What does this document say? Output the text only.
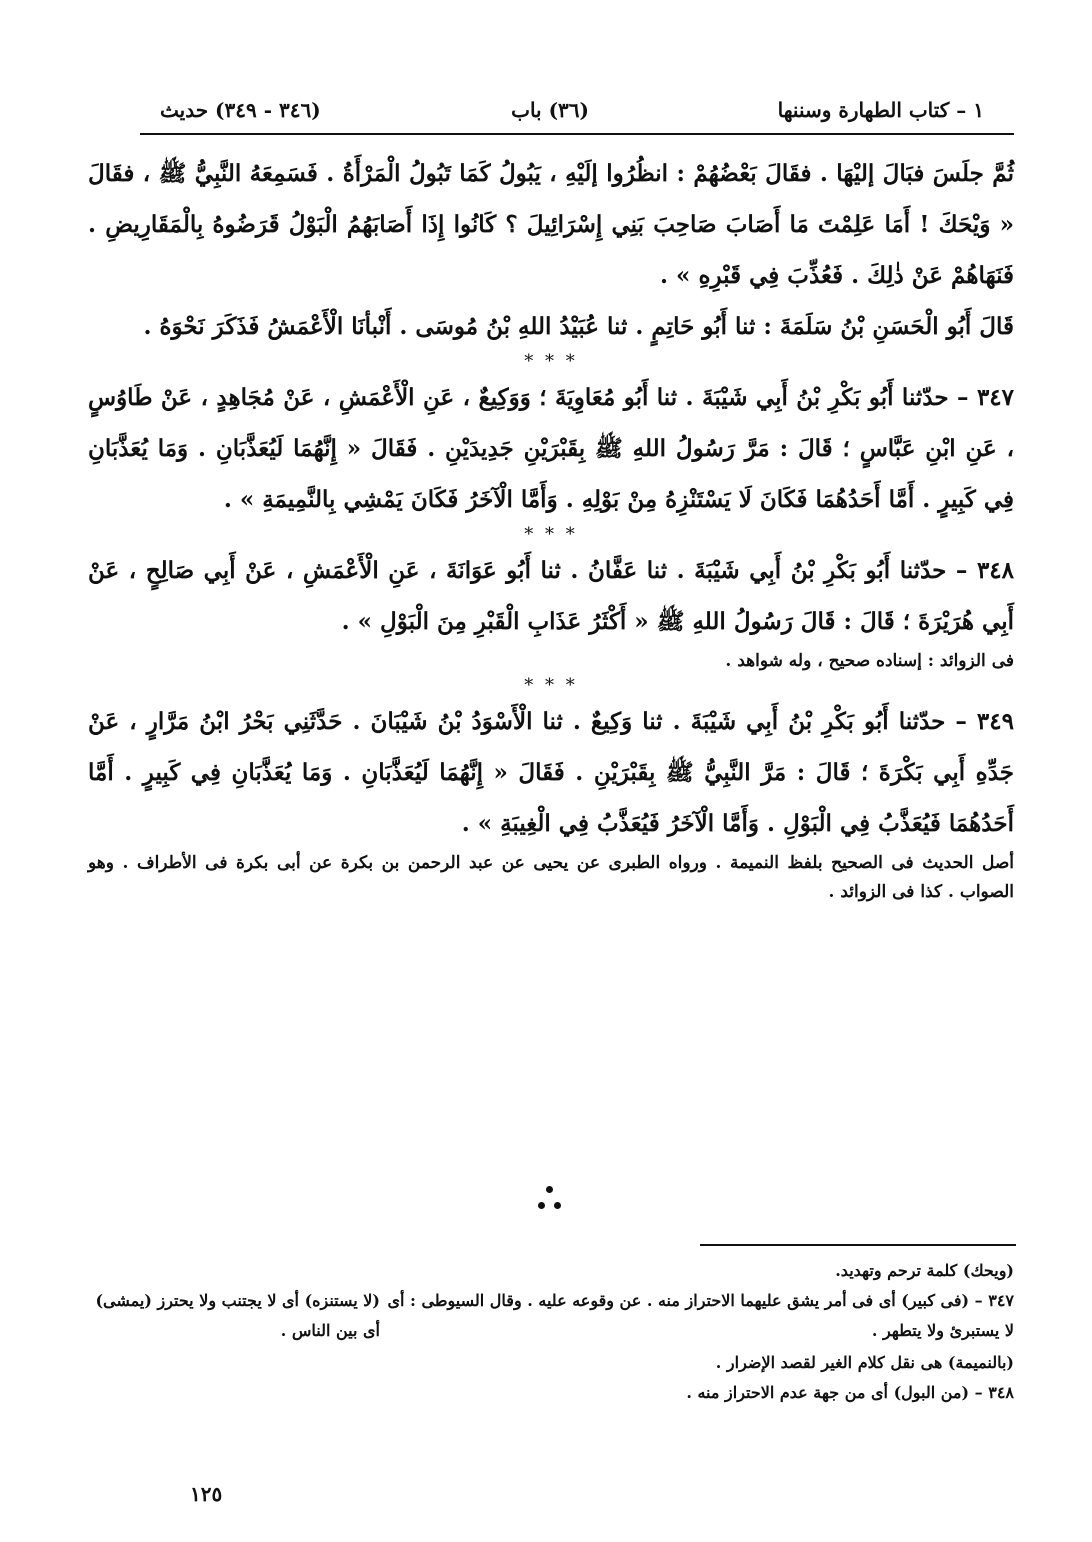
١ – كتاب الطهارة وسننها
(٣٦) باب
(٣٤٦ - ٣٤٩) حديث

ثُمَّ جلَسَ فبَالَ إليْهَا . فقَالَ بَعْضُهُمْ : انظُرُوا إلَيْهِ ، يَبُولُ كَمَا تَبُولُ الْمَرْأَةُ . فَسَمِعَهُ النَّبِيُّ ﷺ ، فقَالَ « وَيْحَكَ ! أَمَا عَلِمْتَ مَا أَصَابَ صَاحِبَ بَنِي إِسْرَائِيلَ ؟ كَانُوا إِذَا أَصَابَهُمُ الْبَوْلُ قَرَضُوهُ بِالْمَقَارِيضِ . فَنَهَاهُمْ عَنْ ذٰلِكَ . فَعُذِّبَ فِي قَبْرِهِ » .

قَالَ أَبُو الْحَسَنِ بْنُ سَلَمَةَ : ثنا أَبُو حَاتِمٍ . ثنا عُبَيْدُ اللهِ بْنُ مُوسَى . أَنْبأنَا الْأَعْمَشُ فَذَكَرَ نَحْوَهُ .

* * *

٣٤٧ – حدّثنا أَبُو بَكْرِ بْنُ أَبِي شَيْبَةَ . ثنا أَبُو مُعَاوِيَةَ ؛ وَوَكِيعٌ ، عَنِ الْأَعْمَشِ ، عَنْ مُجَاهِدٍ ، عَنْ طَاوُسٍ ، عَنِ ابْنِ عَبَّاسٍ ؛ قَالَ : مَرَّ رَسُولُ اللهِ ﷺ بِقَبْرَيْنِ جَدِيدَيْنِ . فَقَالَ « إِنَّهُمَا لَيُعَذَّبَانِ . وَمَا يُعَذَّبَانِ فِي كَبِيرٍ . أَمَّا أَحَدُهُمَا فَكَانَ لَا يَسْتَنْزِهُ مِنْ بَوْلِهِ . وَأَمَّا الْآخَرُ فَكَانَ يَمْشِي بِالنَّمِيمَةِ » .

* * *

٣٤٨ – حدّثنا أَبُو بَكْرِ بْنُ أَبِي شَيْبَةَ . ثنا عَفَّانُ . ثنا أَبُو عَوَانَةَ ، عَنِ الْأَعْمَشِ ، عَنْ أَبِي صَالِحٍ ، عَنْ أَبِي هُرَيْرَةَ ؛ قَالَ : قَالَ رَسُولُ اللهِ ﷺ « أَكْثَرُ عَذَابِ الْقَبْرِ مِنَ الْبَوْلِ » .

فى الزوائد : إسناده صحيح ، وله شواهد .

* * *

٣٤٩ – حدّثنا أَبُو بَكْرِ بْنُ أَبِي شَيْبَةَ . ثنا وَكِيعٌ . ثنا الْأَسْوَدُ بْنُ شَيْبَانَ . حَدَّثَنِي بَحْرُ ابْنُ مَرَّارٍ ، عَنْ جَدِّهِ أَبِي بَكْرَةَ ؛ قَالَ : مَرَّ النَّبِيُّ ﷺ بِقَبْرَيْنِ . فَقَالَ « إِنَّهُمَا لَيُعَذَّبَانِ . وَمَا يُعَذَّبَانِ فِي كَبِيرٍ . أَمَّا أَحَدُهُمَا فَيُعَذَّبُ فِي الْبَوْلِ . وَأَمَّا الْآخَرُ فَيُعَذَّبُ فِي الْغِيبَةِ » .

أصل الحديث فى الصحيح بلفظ النميمة . ورواه الطبرى عن يحيى عن عبد الرحمن بن بكرة عن أبى بكرة فى الأطراف . وهو الصواب . كذا فى الزوائد .

(ويحك) كلمة ترحم وتهديد.

٣٤٧ – (فى كبير) أى فى أمر يشق عليهما الاحتراز منه . عن وقوعه عليه . وقال السيوطى : أى لا يستبرئ ولا يتطهر .

(لا يستنزه) أى لا يجتنب ولا يحترز (يمشى) أى بين الناس .

(بالنميمة) هى نقل كلام الغير لقصد الإضرار .

٣٤٨ – (من البول) أى من جهة عدم الاحتراز منه .

١٢٥
